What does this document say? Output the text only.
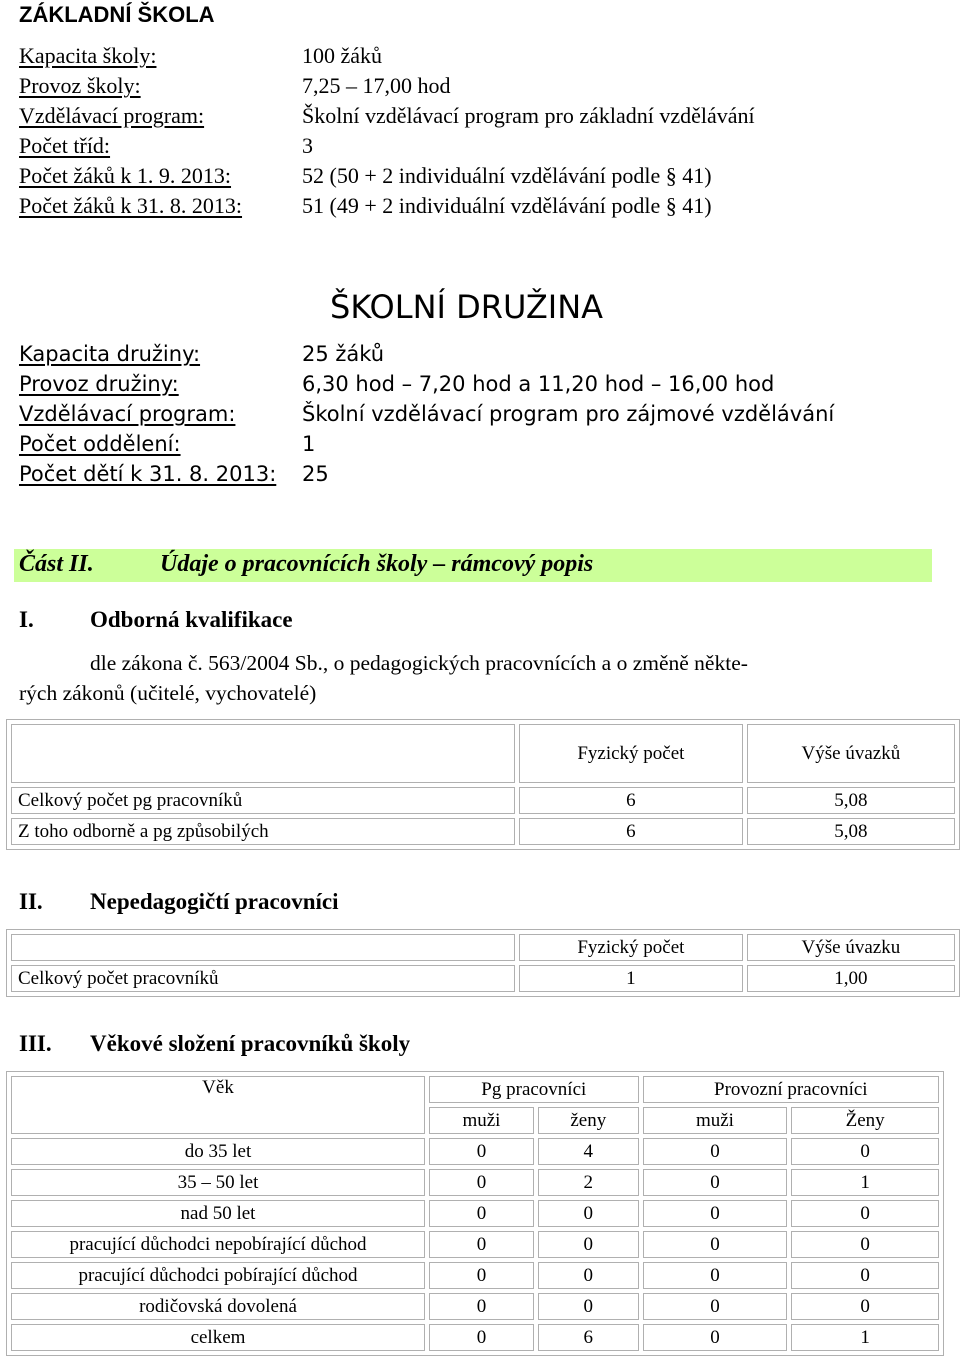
ZÁKLADNÍ ŠKOLA
Kapacita školy:	100 žáků
Provoz školy:	7,25 – 17,00 hod
Vzdělávací program:	Školní vzdělávací program pro základní vzdělávání
Počet tříd:	3
Počet žáků k 1. 9. 2013:	52 (50 + 2 individuální vzdělávání podle § 41)
Počet žáků k 31. 8. 2013:	51 (49 + 2 individuální vzdělávání podle § 41)
ŠKOLNÍ DRUŽINA
Kapacita družiny:	25 žáků
Provoz družiny:	6,30 hod – 7,20 hod a 11,20 hod – 16,00 hod
Vzdělávací program:	Školní vzdělávací program pro zájmové vzdělávání
Počet oddělení:	1
Počet dětí k 31. 8. 2013: 25
Část II.	Údaje o pracovnících školy – rámcový popis
I. Odborná kvalifikace
dle zákona č. 563/2004 Sb., o pedagogických pracovnících a o změně někte-
rých zákonů (učitelé, vychovatelé)
	Fyzický počet	Výše úvazků
Celkový počet pg pracovníků	6	5,08
Z toho odborně a pg způsobilých	6	5,08
II. Nepedagogičtí pracovníci
	Fyzický počet	Výše úvazku
Celkový počet pracovníků	1	1,00
III. Věkové složení pracovníků školy
Věk	Pg pracovníci		Provozní pracovníci	
	muži	ženy	muži	Ženy
do 35 let	0	4	0	0
35 – 50 let	0	2	0	1
nad 50 let	0	0	0	0
pracující důchodci nepobírající důchod	0	0	0	0
pracující důchodci pobírající důchod	0	0	0	0
rodičovská dovolená	0	0	0	0
celkem	0	6	0	1
